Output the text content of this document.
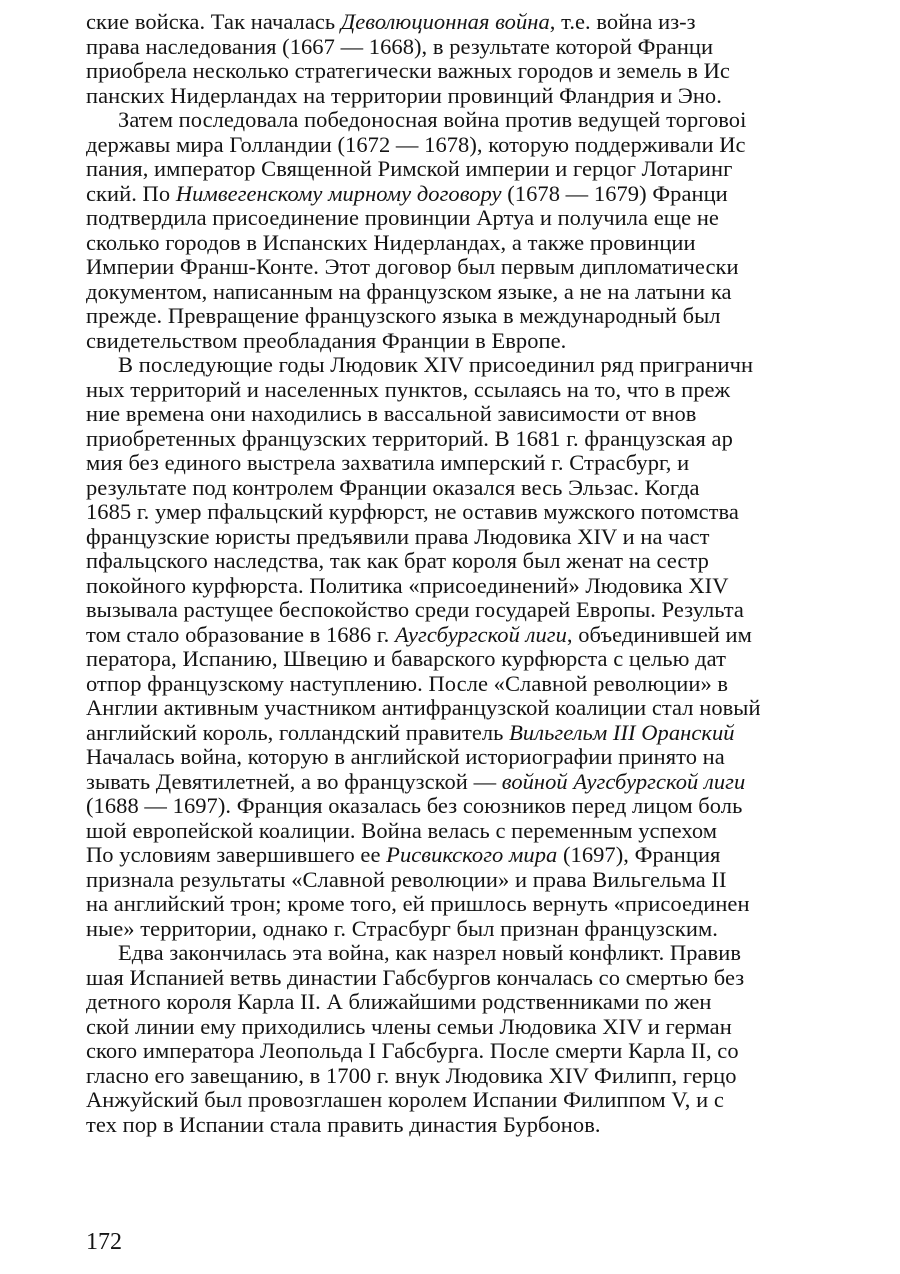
ские войска. Так началась Деволюционная война, т.е. война из-з
права наследования (1667 — 1668), в результате которой Франци
приобрела несколько стратегически важных городов и земель в Ис
панских Нидерландах на территории провинций Фландрия и Эно.
Затем последовала победоносная война против ведущей торговоі
державы мира Голландии (1672 — 1678), которую поддерживали Ис
пания, император Священной Римской империи и герцог Лотаринг
ский. По Нимвегенскому мирному договору (1678 — 1679) Франци
подтвердила присоединение провинции Артуа и получила еще не
сколько городов в Испанских Нидерландах, а также провинции
Империи Франш-Конте. Этот договор был первым дипломатически
документом, написанным на французском языке, а не на латыни ка
прежде. Превращение французского языка в международный был
свидетельством преобладания Франции в Европе.
В последующие годы Людовик XIV присоединил ряд приграничн
ных территорий и населенных пунктов, ссылаясь на то, что в преж
ние времена они находились в вассальной зависимости от внов
приобретенных французских территорий. В 1681 г. французская ар
мия без единого выстрела захватила имперский г. Страсбург, и
результате под контролем Франции оказался весь Эльзас. Когда
1685 г. умер пфальцский курфюрст, не оставив мужского потомства
французские юристы предъявили права Людовика XIV и на част
пфальцского наследства, так как брат короля был женат на сестр
покойного курфюрста. Политика «присоединений» Людовика XIV
вызывала растущее беспокойство среди государей Европы. Результа
том стало образование в 1686 г. Аугсбургской лиги, объединившей им
ператора, Испанию, Швецию и баварского курфюрста с целью дат
отпор французскому наступлению. После «Славной революции» в
Англии активным участником антифранцузской коалиции стал новый
английский король, голландский правитель Вильгельм III Оранский
Началась война, которую в английской историографии принято на
зывать Девятилетней, а во французской — войной Аугсбургской лиги
(1688 — 1697). Франция оказалась без союзников перед лицом боль
шой европейской коалиции. Война велась с переменным успехом
По условиям завершившего ее Рисвикского мира (1697), Франция
признала результаты «Славной революции» и права Вильгельма II
на английский трон; кроме того, ей пришлось вернуть «присоединен
ные» территории, однако г. Страсбург был признан французским.
Едва закончилась эта война, как назрел новый конфликт. Правив
шая Испанией ветвь династии Габсбургов кончалась со смертью без
детного короля Карла II. А ближайшими родственниками по жен
ской линии ему приходились члены семьи Людовика XIV и герман
ского императора Леопольда I Габсбурга. После смерти Карла II, со
гласно его завещанию, в 1700 г. внук Людовика XIV Филипп, герцо
Анжуйский был провозглашен королем Испании Филиппом V, и с
тех пор в Испании стала править династия Бурбонов.
172
